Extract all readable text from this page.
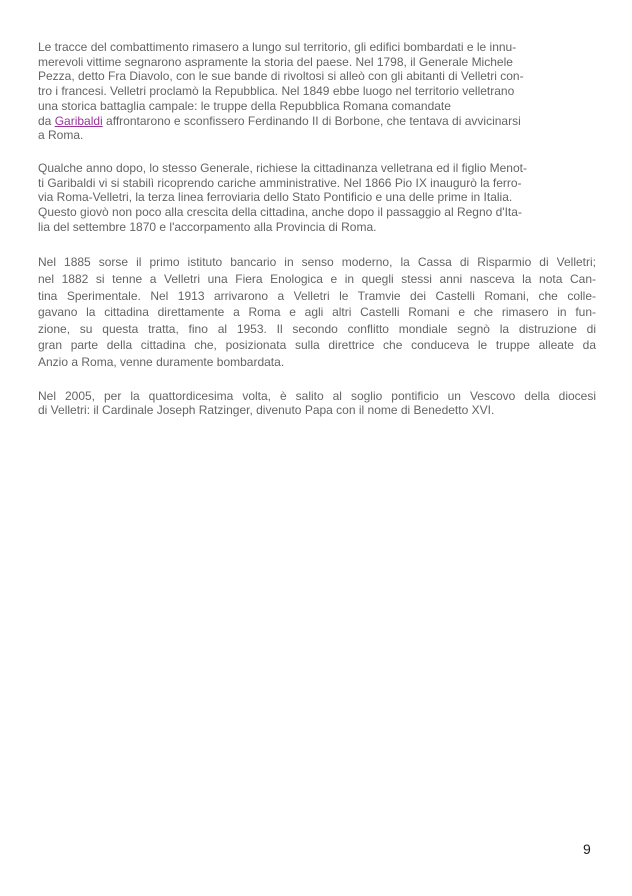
Le tracce del combattimento rimasero a lungo sul territorio, gli edifici bombardati e le innu-
merevoli vittime segnarono aspramente la storia del paese. Nel 1798, il Generale Michele
Pezza, detto Fra Diavolo, con le sue bande di rivoltosi si alleò con gli abitanti di Velletri con-
tro i francesi. Velletri proclamò la Repubblica. Nel 1849 ebbe luogo nel territorio velletrano
una storica battaglia campale: le truppe della Repubblica Romana comandate
da Garibaldi affrontarono e sconfissero Ferdinando II di Borbone, che tentava di avvicinarsi
a Roma.
Qualche anno dopo, lo stesso Generale, richiese la cittadinanza velletrana ed il figlio Menot-
ti Garibaldi vi si stabilì ricoprendo cariche amministrative. Nel 1866 Pio IX inaugurò la ferro-
via Roma-Velletri, la terza linea ferroviaria dello Stato Pontificio e una delle prime in Italia.
Questo giovò non poco alla crescita della cittadina, anche dopo il passaggio al Regno d'Ita-
lia del settembre 1870 e l'accorpamento alla Provincia di Roma.
Nel 1885 sorse il primo istituto bancario in senso moderno, la Cassa di Risparmio di Velletri;
nel 1882 si tenne a Velletri una Fiera Enologica e in quegli stessi anni nasceva la nota Can-
tina Sperimentale. Nel 1913 arrivarono a Velletri le Tramvie dei Castelli Romani, che colle-
gavano la cittadina direttamente a Roma e agli altri Castelli Romani e che rimasero in fun-
zione, su questa tratta, fino al 1953. Il secondo conflitto mondiale segnò la distruzione di
gran parte della cittadina che, posizionata sulla direttrice che conduceva le truppe alleate da
Anzio a Roma, venne duramente bombardata.
Nel 2005, per la quattordicesima volta, è salito al soglio pontificio un Vescovo della diocesi
di Velletri: il Cardinale Joseph Ratzinger, divenuto Papa con il nome di Benedetto XVI.
9
